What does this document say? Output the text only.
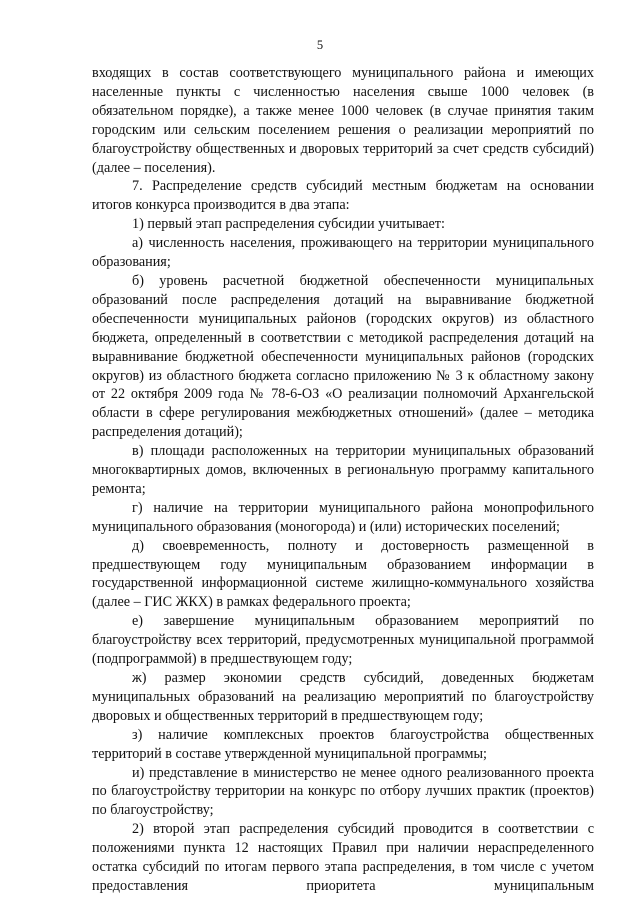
5

входящих в состав соответствующего муниципального района и имеющих населенные пункты с численностью населения свыше 1000 человек (в обязательном порядке), а также менее 1000 человек (в случае принятия таким городским или сельским поселением решения о реализации мероприятий по благоустройству общественных и дворовых территорий за счет средств субсидий) (далее – поселения).

7. Распределение средств субсидий местным бюджетам на основании итогов конкурса производится в два этапа:

1) первый этап распределения субсидии учитывает:

а) численность населения, проживающего на территории муниципального образования;

б) уровень расчетной бюджетной обеспеченности муниципальных образований после распределения дотаций на выравнивание бюджетной обеспеченности муниципальных районов (городских округов) из областного бюджета, определенный в соответствии с методикой распределения дотаций на выравнивание бюджетной обеспеченности муниципальных районов (городских округов) из областного бюджета согласно приложению № 3 к областному закону от 22 октября 2009 года № 78-6-ОЗ «О реализации полномочий Архангельской области в сфере регулирования межбюджетных отношений» (далее – методика распределения дотаций);

в) площади расположенных на территории муниципальных образований многоквартирных домов, включенных в региональную программу капитального ремонта;

г) наличие на территории муниципального района монопрофильного муниципального образования (моногорода) и (или) исторических поселений;

д) своевременность, полноту и достоверность размещенной в предшествующем году муниципальным образованием информации в государственной информационной системе жилищно-коммунального хозяйства (далее – ГИС ЖКХ) в рамках федерального проекта;

е) завершение муниципальным образованием мероприятий по благоустройству всех территорий, предусмотренных муниципальной программой (подпрограммой) в предшествующем году;

ж) размер экономии средств субсидий, доведенных бюджетам муниципальных образований на реализацию мероприятий по благоустройству дворовых и общественных территорий в предшествующем году;

з) наличие комплексных проектов благоустройства общественных территорий в составе утвержденной муниципальной программы;

и) представление в министерство не менее одного реализованного проекта по благоустройству территории на конкурс по отбору лучших практик (проектов) по благоустройству;

2) второй этап распределения субсидий проводится в соответствии с положениями пункта 12 настоящих Правил при наличии нераспределенного остатка субсидий по итогам первого этапа распределения, в том числе с учетом предоставления приоритета муниципальным
